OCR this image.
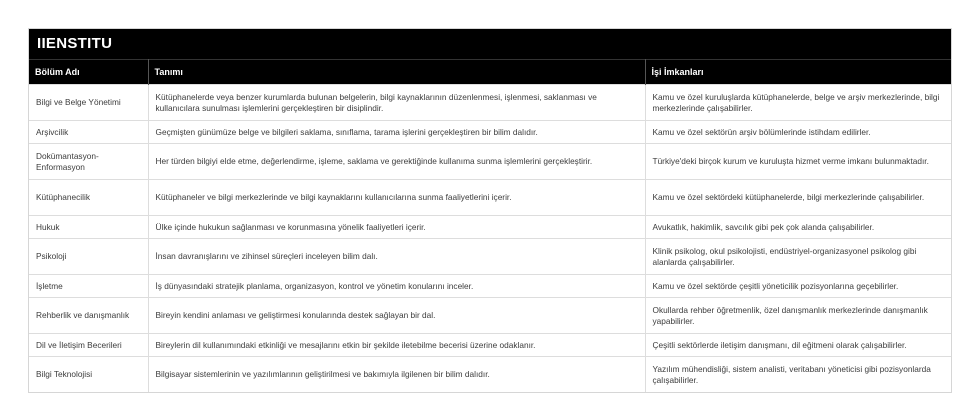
IIENSTITU
Bölüm Adı	Tanımı	İşi İmkanları
Bilgi ve Belge Yönetimi	Kütüphanelerde veya benzer kurumlarda bulunan belgelerin, bilgi kaynaklarının düzenlenmesi, işlenmesi, saklanması ve kullanıcılara sunulması işlemlerini gerçekleştiren bir disiplindir.	Kamu ve özel kuruluşlarda kütüphanelerde, belge ve arşiv merkezlerinde, bilgi merkezlerinde çalışabilirler.
Arşivcilik	Geçmişten günümüze belge ve bilgileri saklama, sınıflama, tarama işlerini gerçekleştiren bir bilim dalıdır.	Kamu ve özel sektörün arşiv bölümlerinde istihdam edilirler.
Dokümantasyon-Enformasyon	Her türden bilgiyi elde etme, değerlendirme, işleme, saklama ve gerektiğinde kullanıma sunma işlemlerini gerçekleştirir.	Türkiye'deki birçok kurum ve kuruluşta hizmet verme imkanı bulunmaktadır.
Kütüphanecilik	Kütüphaneler ve bilgi merkezlerinde ve bilgi kaynaklarını kullanıcılarına sunma faaliyetlerini içerir.	Kamu ve özel sektördeki kütüphanelerde, bilgi merkezlerinde çalışabilirler.
Hukuk	Ülke içinde hukukun sağlanması ve korunmasına yönelik faaliyetleri içerir.	Avukatlık, hakimlik, savcılık gibi pek çok alanda çalışabilirler.
Psikoloji	İnsan davranışlarını ve zihinsel süreçleri inceleyen bilim dalı.	Klinik psikolog, okul psikolojisti, endüstriyel-organizasyonel psikolog gibi alanlarda çalışabilirler.
İşletme	İş dünyasındaki stratejik planlama, organizasyon, kontrol ve yönetim konularını inceler.	Kamu ve özel sektörde çeşitli yöneticilik pozisyonlarına geçebilirler.
Rehberlik ve danışmanlık	Bireyin kendini anlaması ve geliştirmesi konularında destek sağlayan bir dal.	Okullarda rehber öğretmenlik, özel danışmanlık merkezlerinde danışmanlık yapabilirler.
Dil ve İletişim Becerileri	Bireylerin dil kullanımındaki etkinliği ve mesajlarını etkin bir şekilde iletebilme becerisi üzerine odaklanır.	Çeşitli sektörlerde iletişim danışmanı, dil eğitmeni olarak çalışabilirler.
Bilgi Teknolojisi	Bilgisayar sistemlerinin ve yazılımlarının geliştirilmesi ve bakımıyla ilgilenen bir bilim dalıdır.	Yazılım mühendisliği, sistem analisti, veritabanı yöneticisi gibi pozisyonlarda çalışabilirler.
